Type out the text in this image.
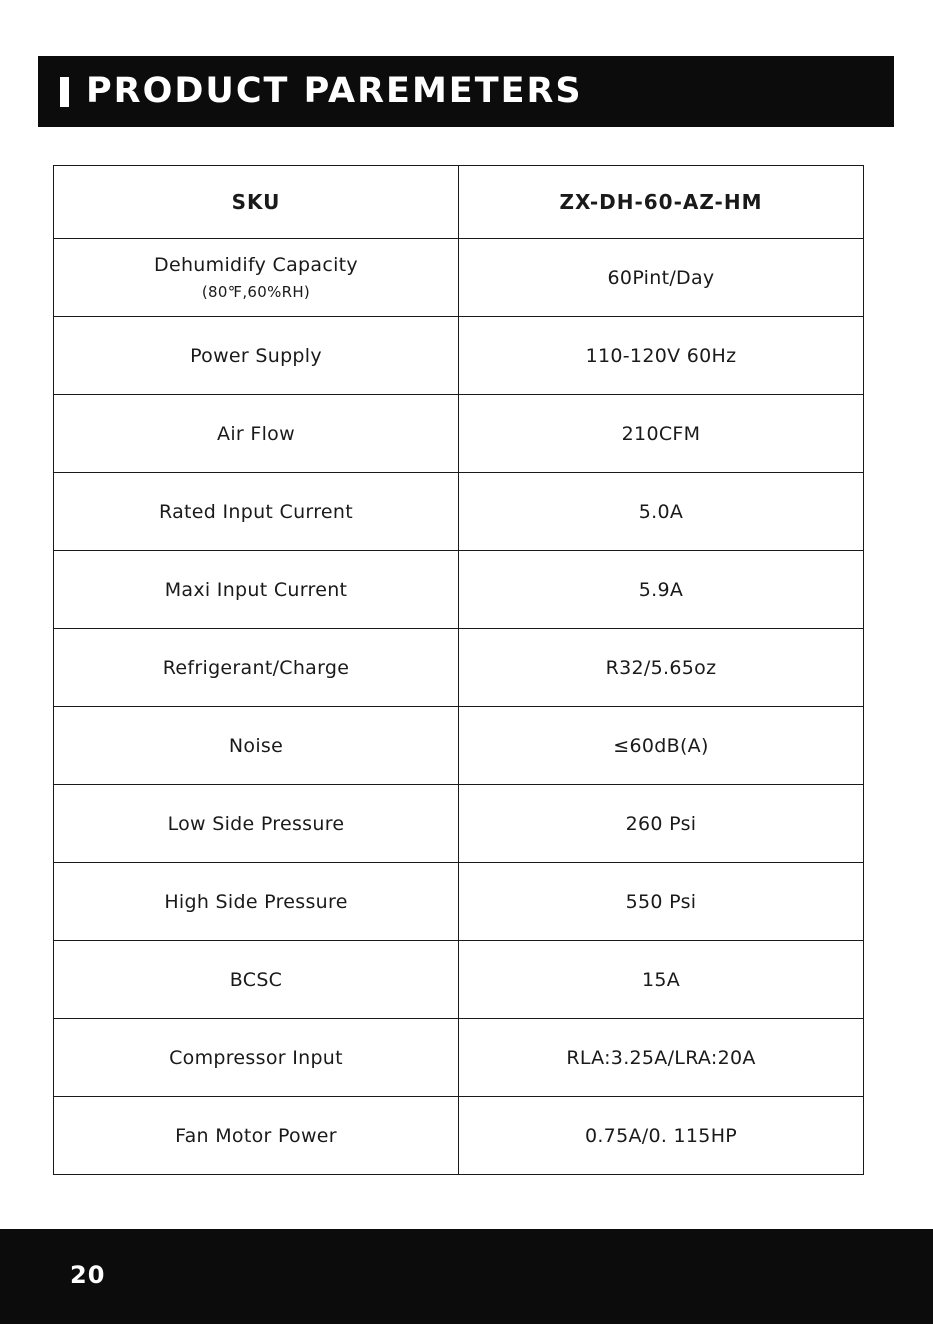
PRODUCT PAREMETERS
SKU	ZX-DH-60-AZ-HM
Dehumidify Capacity
(80℉,60%RH)	60Pint/Day
Power Supply	110-120V 60Hz
Air Flow	210CFM
Rated Input Current	5.0A
Maxi Input Current	5.9A
Refrigerant/Charge	R32/5.65oz
Noise	≤60dB(A)
Low Side Pressure	260 Psi
High Side Pressure	550 Psi
BCSC	15A
Compressor Input	RLA:3.25A/LRA:20A
Fan Motor Power	0.75A/0. 115HP
20
